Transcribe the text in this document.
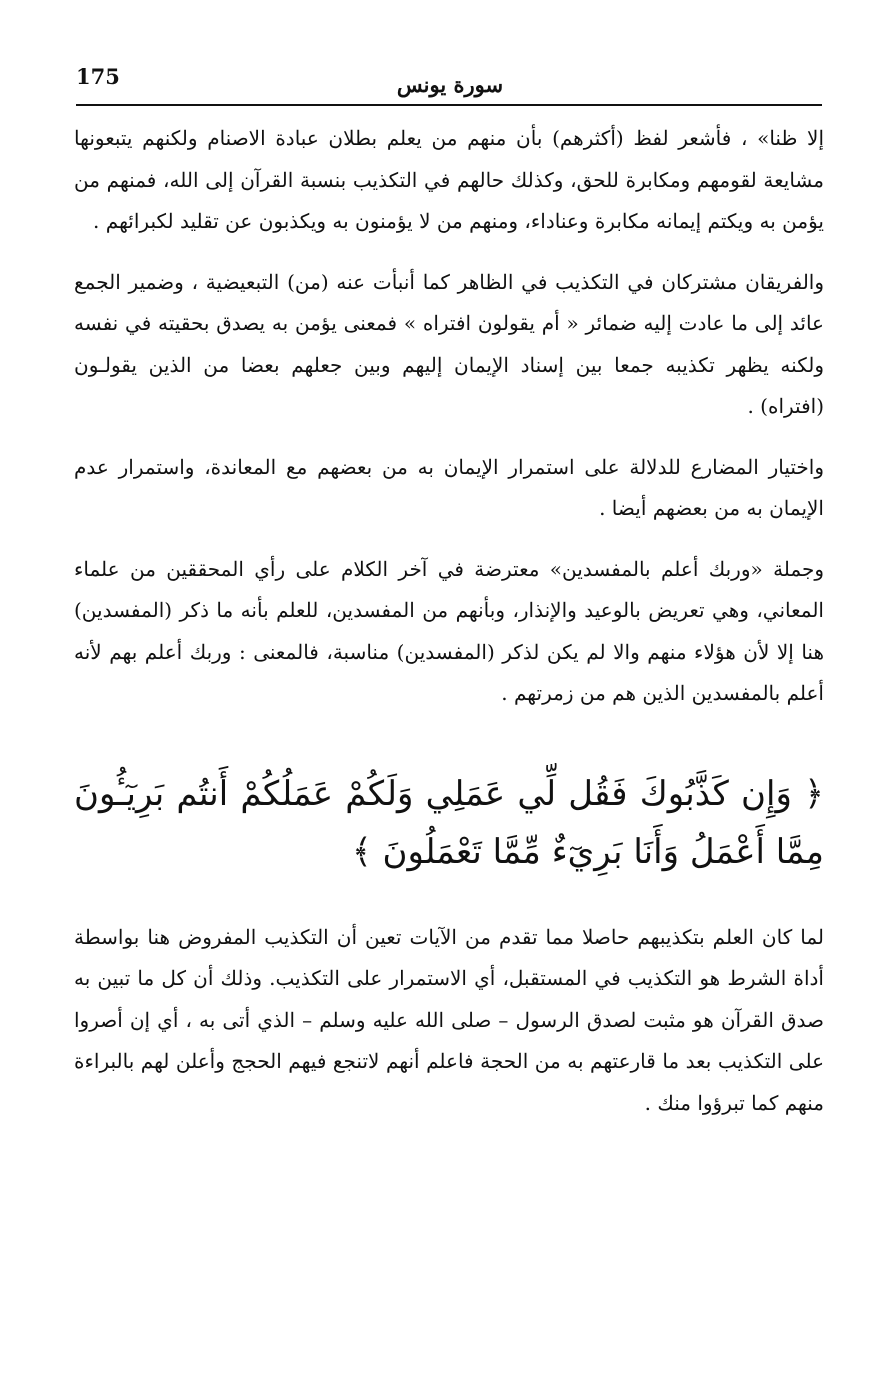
175	سورة يونس

إلا ظنا» ، فأشعر لفظ (أكثرهم) بأن منهم من يعلم بطلان عبادة الاصنام ولكنهم يتبعونها مشايعة لقومهم ومكابرة للحق، وكذلك حالهم في التكذيب بنسبة القرآن إلى الله، فمنهم من يؤمن به ويكتم إيمانه مكابرة وعناداء، ومنهم من لا يؤمنون به ويكذبون عن تقليد لكبرائهم .

والفريقان مشتركان في التكذيب في الظاهر كما أنبأت عنه (من) التبعيضية ، وضمير الجمع عائد إلى ما عادت إليه ضمائر « أم يقولون افتراه » فمعنى يؤمن به يصدق بحقيته في نفسه ولكنه يظهر تكذيبه جمعا بين إسناد الإيمان إليهم وبين جعلهم بعضا من الذين يقولـون (افتراه) .

واختيار المضارع للدلالة على استمرار الإيمان به من بعضهم مع المعاندة، واستمرار عدم الإيمان به من بعضهم أيضا .

وجملة «وربك أعلم بالمفسدين» معترضة في آخر الكلام على رأي المحققين من علماء المعاني، وهي تعريض بالوعيد والإنذار، وبأنهم من المفسدين، للعلم بأنه ما ذكر (المفسدين) هنا إلا لأن هؤلاء منهم والا لم يكن لذكر (المفسدين) مناسبة، فالمعنى : وربك أعلم بهم لأنه أعلم بالمفسدين الذين هم من زمرتهم .

﴿ وَإِن كَذَّبُوكَ فَقُل لِّي عَمَلِي وَلَكُمْ عَمَلُكُمْ أَنتُم بَرِيٓـُٔونَ مِمَّا أَعْمَلُ وَأَنَا بَرِيٓءٌ مِّمَّا تَعْمَلُونَ ﴾

لما كان العلم بتكذيبهم حاصلا مما تقدم من الآيات تعين أن التكذيب المفروض هنا بواسطة أداة الشرط هو التكذيب في المستقبل، أي الاستمرار على التكذيب. وذلك أن كل ما تبين به صدق القرآن هو مثبت لصدق الرسول – صلى الله عليه وسلم – الذي أتى به ، أي إن أصروا على التكذيب بعد ما قارعتهم به من الحجة فاعلم أنهم لاتنجع فيهم الحجج وأعلن لهم بالبراءة منهم كما تبرؤوا منك .
